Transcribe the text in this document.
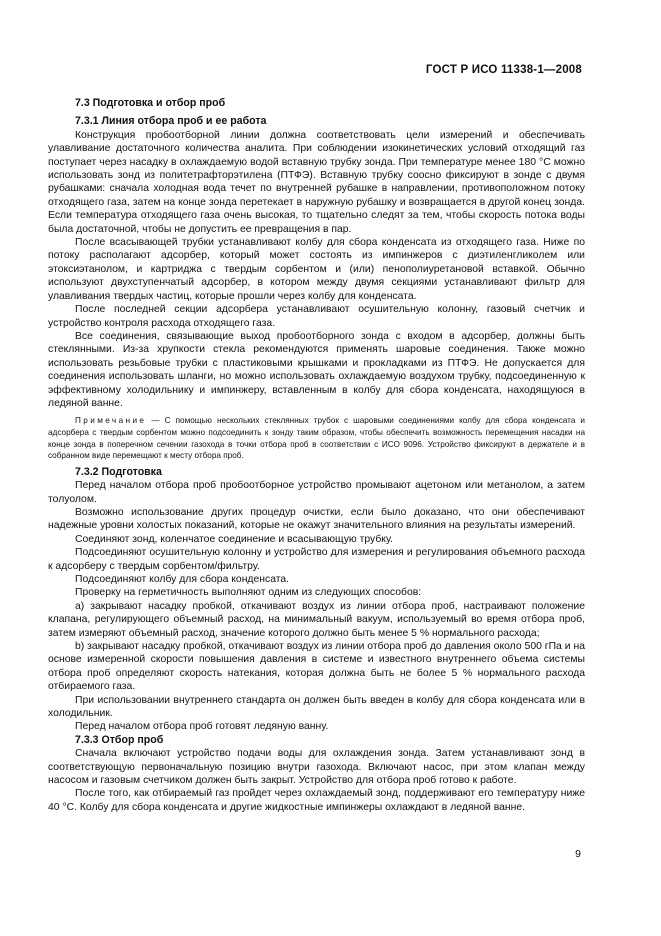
ГОСТ Р ИСО 11338-1—2008
7.3 Подготовка и отбор проб
7.3.1 Линия отбора проб и ее работа

Конструкция пробоотборной линии должна соответствовать цели измерений и обеспечивать улавливание достаточного количества аналита. При соблюдении изокинетических условий отходящий газ поступает через насадку в охлаждаемую водой вставную трубку зонда. При температуре менее 180 °С можно использовать зонд из политетрафторэтилена (ПТФЭ). Вставную трубку соосно фиксируют в зонде с двумя рубашками: сначала холодная вода течет по внутренней рубашке в направлении, противоположном потоку отходящего газа, затем на конце зонда перетекает в наружную рубашку и возвращается в другой конец зонда. Если температура отходящего газа очень высокая, то тщательно следят за тем, чтобы скорость потока воды была достаточной, чтобы не допустить ее превращения в пар.

После всасывающей трубки устанавливают колбу для сбора конденсата из отходящего газа. Ниже по потоку располагают адсорбер, который может состоять из импинжеров с диэтиленгликолем или этоксиэтанолом, и картриджа с твердым сорбентом и (или) пенополиуретановой вставкой. Обычно используют двухступенчатый адсорбер, в котором между двумя секциями устанавливают фильтр для улавливания твердых частиц, которые прошли через колбу для конденсата.

После последней секции адсорбера устанавливают осушительную колонну, газовый счетчик и устройство контроля расхода отходящего газа.

Все соединения, связывающие выход пробоотборного зонда с входом в адсорбер, должны быть стеклянными. Из-за хрупкости стекла рекомендуются применять шаровые соединения. Также можно использовать резьбовые трубки с пластиковыми крышками и прокладками из ПТФЭ. Не допускается для соединения использовать шланги, но можно использовать охлаждаемую воздухом трубку, подсоединенную к эффективному холодильнику и импинжеру, вставленным в колбу для сбора конденсата, находящуюся в ледяной ванне.

Примечание — С помощью нескольких стеклянных трубок с шаровыми соединениями колбу для сбора конденсата и адсорбера с твердым сорбентом можно подсоединить к зонду таким образом, чтобы обеспечить возможность перемещения насадки на конце зонда в поперечном сечении газохода в точки отбора проб в соответствии с ИСО 9096. Устройство фиксируют в держателе и в собранном виде перемещают к месту отбора проб.
7.3.2 Подготовка

Перед началом отбора проб пробоотборное устройство промывают ацетоном или метанолом, а затем толуолом.

Возможно использование других процедур очистки, если было доказано, что они обеспечивают надежные уровни холостых показаний, которые не окажут значительного влияния на результаты измерений.

Соединяют зонд, коленчатое соединение и всасывающую трубку.

Подсоединяют осушительную колонну и устройство для измерения и регулирования объемного расхода к адсорберу с твердым сорбентом/фильтру.

Подсоединяют колбу для сбора конденсата.

Проверку на герметичность выполняют одним из следующих способов:

а) закрывают насадку пробкой, откачивают воздух из линии отбора проб, настраивают положение клапана, регулирующего объемный расход, на минимальный вакуум, используемый во время отбора проб, затем измеряют объемный расход, значение которого должно быть менее 5 % нормального расхода;

b) закрывают насадку пробкой, откачивают воздух из линии отбора проб до давления около 500 гПа и на основе измеренной скорости повышения давления в системе и известного внутреннего объема системы отбора проб определяют скорость натекания, которая должна быть не более 5 % нормального расхода отбираемого газа.

При использовании внутреннего стандарта он должен быть введен в колбу для сбора конденсата или в холодильник.

Перед началом отбора проб готовят ледяную ванну.

7.3.3 Отбор проб

Сначала включают устройство подачи воды для охлаждения зонда. Затем устанавливают зонд в соответствующую первоначальную позицию внутри газохода. Включают насос, при этом клапан между насосом и газовым счетчиком должен быть закрыт. Устройство для отбора проб готово к работе.

После того, как отбираемый газ пройдет через охлаждаемый зонд, поддерживают его температуру ниже 40 °С. Колбу для сбора конденсата и другие жидкостные импинжеры охлаждают в ледяной ванне.

9
